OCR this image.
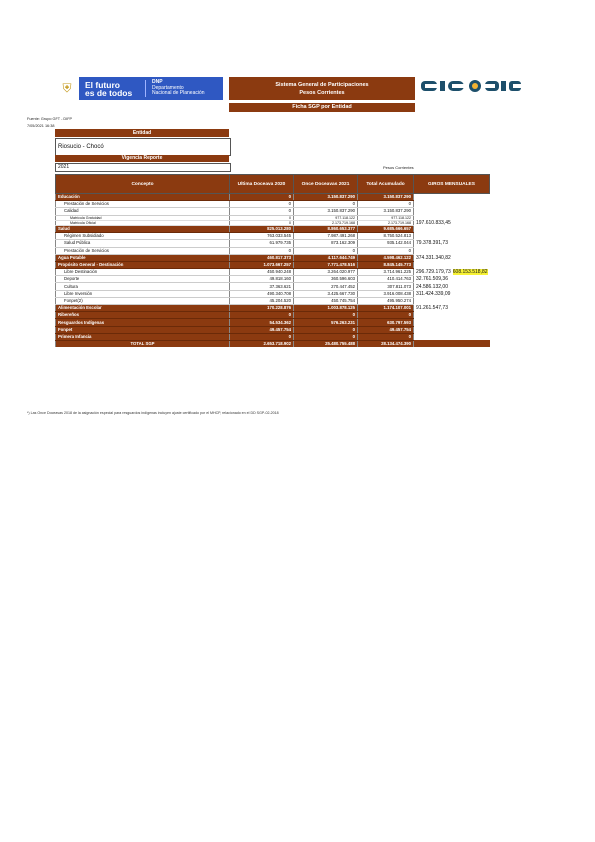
⛨	El futuro
es de todos
DNP
Departamento
Nacional de Planeación
Sistema General de Participaciones
Pesos Corrientes
Ficha SGP por Entidad
Fuente: Grupo GFT - DIFP
7/05/2021 16:38
Entidad
Riosucio - Chocó
Vigencia Reporte
2021	Pesos Corrientes
Concepto	Ultima Doceava 2020	Once Doceavas 2021	Total Acumulado	GIROS MENSUALES
Educación	0	3.150.837.290	3.150.837.290	
Prestación de Servicios	0	0	0	
Calidad	0	3.150.837.290	3.150.837.290	
Matrícula Gratuidad	0	977.118.122	977.118.122	
Matrícula Oficial	0	2.173.719.168	2.173.719.168	197.610.833,45
Salud	825.013.280	8.860.653.377	9.685.666.657	
Régimen Subsidiado	763.033.545	7.987.491.268	8.750.524.813	
Salud Pública	61.979.735	873.162.309	935.142.044	79.378.391,73
Prestación de Servicios	0	0	0	
Agua Potable	460.817.373	4.117.644.749	4.598.462.122	374.331.340,82
Propósito General - Destinación	1.073.667.257	7.771.478.516	8.845.145.773	
Libre Destinación	450.940.248	3.264.020.977	3.714.961.225	296.729.179,73 608.153.518,82
Deporte	49.818.160	360.596.603	410.414.763	32.761.509,36
Cultura	37.363.621	270.447.452	307.811.073	24.586.132,00
Libre Inversión	490.340.708	3.425.667.730	3.916.008.438	311.424.339,09
Fonpet(2)	45.204.520	450.745.754	495.950.274	
Alimentación Escolar	170.228.876	1.003.878.125	1.174.107.001	91.261.547,73
Ribereños	0	0	0	
Resguardos Indígenas	54.534.362	576.263.231	630.797.593	
Fonpet	49.457.754	0	49.457.754	
Primera Infancia	0	0	0	
TOTAL SGP	2.653.718.902	25.480.755.488	28.134.474.390	
*) Las Once Doceavas 2018 de la asignación especial para resguardos indígenas incluyen ajuste certificado por el MHCP, relacionado en el DD SGP-02-2018
